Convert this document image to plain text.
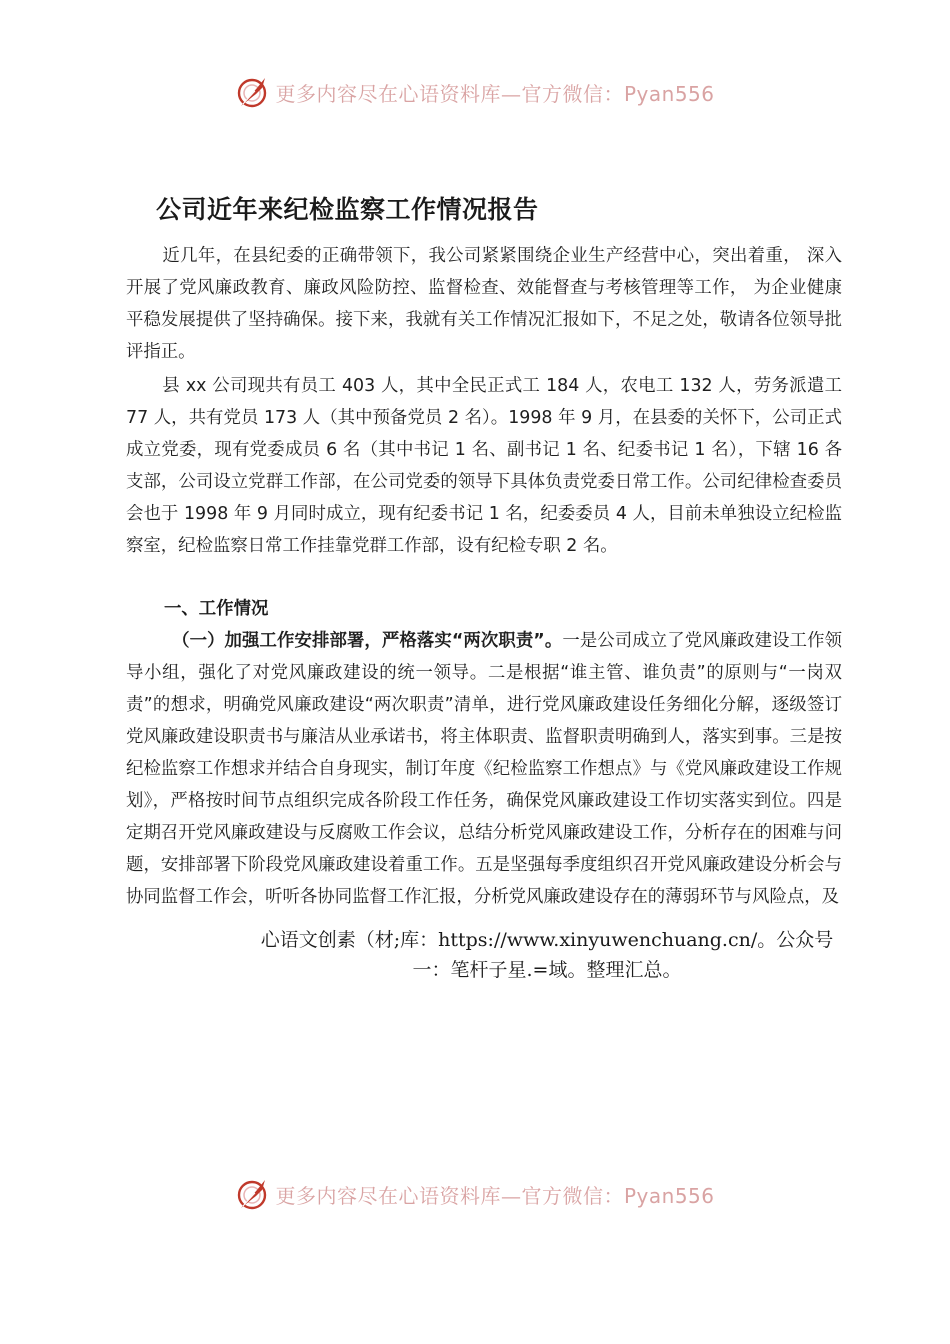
更多内容尽在心语资料库—官方微信：Pyan556
公司近年来纪检监察工作情况报告
近几年，在县纪委的正确带领下，我公司紧紧围绕企业生产经营中心，突出着重， 深入开展了党风廉政教育、廉政风险防控、监督检查、效能督查与考核管理等工作， 为企业健康平稳发展提供了坚持确保。接下来，我就有关工作情况汇报如下，不足之处，敬请各位领导批评指正。
县 xx 公司现共有员工 403 人，其中全民正式工 184 人，农电工 132 人，劳务派遣工 77 人，共有党员 173 人（其中预备党员 2 名）。1998 年 9 月，在县委的关怀下，公司正式成立党委，现有党委成员 6 名（其中书记 1 名、副书记 1 名、纪委书记 1 名），下辖 16 各支部，公司设立党群工作部，在公司党委的领导下具体负责党委日常工作。公司纪律检查委员会也于 1998 年 9 月同时成立，现有纪委书记 1 名，纪委委员 4 人，目前未单独设立纪检监察室，纪检监察日常工作挂靠党群工作部，设有纪检专职 2 名。
一、工作情况
（一）加强工作安排部署，严格落实“两次职责”。一是公司成立了党风廉政建设工作领导小组，强化了对党风廉政建设的统一领导。二是根据“谁主管、谁负责”的原则与“一岗双责”的想求，明确党风廉政建设“两次职责”清单，进行党风廉政建设任务细化分解，逐级签订党风廉政建设职责书与廉洁从业承诺书，将主体职责、监督职责明确到人，落实到事。三是按纪检监察工作想求并结合自身现实，制订年度《纪检监察工作想点》与《党风廉政建设工作规划》，严格按时间节点组织完成各阶段工作任务，确保党风廉政建设工作切实落实到位。四是定期召开党风廉政建设与反腐败工作会议，总结分析党风廉政建设工作，分析存在的困难与问题，安排部署下阶段党风廉政建设着重工作。五是坚强每季度组织召开党风廉政建设分析会与协同监督工作会，听听各协同监督工作汇报，分析党风廉政建设存在的薄弱环节与风险点，及
心语文创素（材;库：https://www.xinyuwenchuang.cn/。公众号一：笔杆子星.=域。整理汇总。
更多内容尽在心语资料库—官方微信：Pyan556
